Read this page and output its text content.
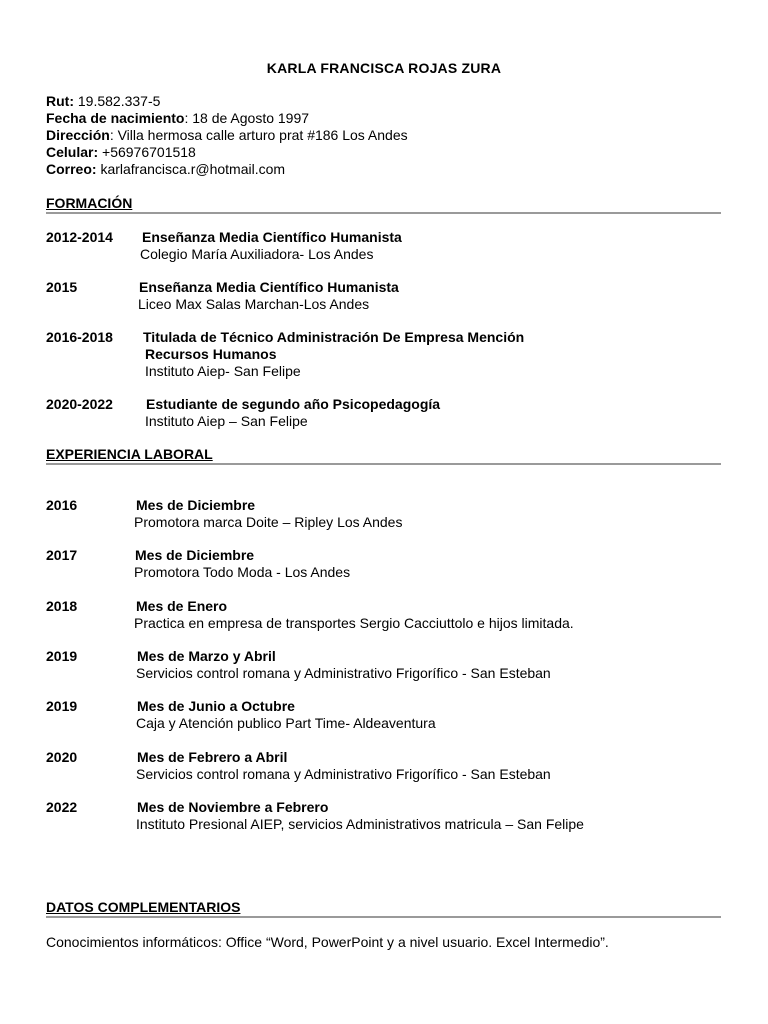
KARLA FRANCISCA ROJAS ZURA
Rut: 19.582.337-5
Fecha de nacimiento: 18 de Agosto 1997
Dirección: Villa hermosa calle arturo prat #186 Los Andes
Celular: +56976701518
Correo: karlafrancisca.r@hotmail.com
FORMACIÓN
2012-2014 Enseñanza Media Científico Humanista
Colegio María Auxiliadora- Los Andes
2015	Enseñanza Media Científico Humanista
Liceo Max Salas Marchan-Los Andes
2016-2018 Titulada de Técnico Administración De Empresa Mención
Recursos Humanos
Instituto Aiep- San Felipe
2020-2022 Estudiante de segundo año Psicopedagogía
Instituto Aiep – San Felipe
EXPERIENCIA LABORAL
2016	Mes de Diciembre
Promotora marca Doite – Ripley Los Andes
2017	Mes de Diciembre
Promotora Todo Moda - Los Andes
2018	Mes de Enero
Practica en empresa de transportes Sergio Cacciuttolo e hijos limitada.
2019	Mes de Marzo y Abril
Servicios control romana y Administrativo Frigorífico - San Esteban
2019	Mes de Junio a Octubre
Caja y Atención publico Part Time- Aldeaventura
2020	Mes de Febrero a Abril
Servicios control romana y Administrativo Frigorífico - San Esteban
2022	Mes de Noviembre a Febrero
Instituto Presional AIEP, servicios Administrativos matricula – San Felipe
DATOS COMPLEMENTARIOS
Conocimientos informáticos: Office “Word, PowerPoint y a nivel usuario. Excel Intermedio”.
